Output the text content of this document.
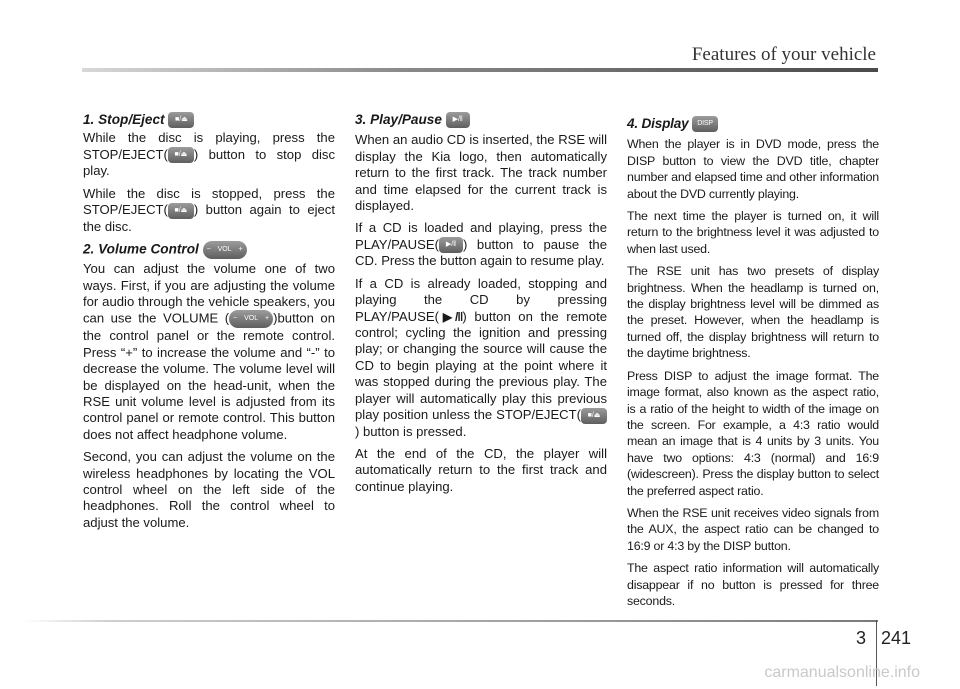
Features of your vehicle
1. Stop/Eject ■/⏏

While the disc is playing, press the STOP/EJECT( ■/⏏ ) button to stop disc play.

While the disc is stopped, press the STOP/EJECT( ■/⏏ ) button again to eject the disc.

2. Volume Control − VOL +

You can adjust the volume one of two ways. First, if you are adjusting the volume for audio through the vehicle speakers, you can use the VOLUME ( − VOL + )button on the control panel or the remote control. Press “+” to increase the volume and “-” to decrease the volume. The volume level will be displayed on the head-unit, when the RSE unit volume level is adjusted from its control panel or remote control. This button does not affect headphone volume.

Second, you can adjust the volume on the wireless headphones by locating the VOL control wheel on the left side of the headphones. Roll the control wheel to adjust the volume.

3. Play/Pause ▶/ǁ

When an audio CD is inserted, the RSE will display the Kia logo, then automatically return to the first track. The track number and time elapsed for the current track is displayed.

If a CD is loaded and playing, press the PLAY/PAUSE( ▶/ǁ ) button to pause the CD. Press the button again to resume play.

If a CD is already loaded, stopping and playing the CD by pressing PLAY/PAUSE(▶/‖) button on the remote control; cycling the ignition and pressing play; or changing the source will cause the CD to begin playing at the point where it was stopped during the previous play. The player will automatically play this previous play position unless the STOP/EJECT( ■/⏏) button is pressed.

At the end of the CD, the player will automatically return to the first track and continue playing.

4. Display DISP

When the player is in DVD mode, press the DISP button to view the DVD title, chapter number and elapsed time and other information about the DVD currently playing.

The next time the player is turned on, it will return to the brightness level it was adjusted to when last used.

The RSE unit has two presets of display brightness. When the headlamp is turned on, the display brightness level will be dimmed as the preset. However, when the headlamp is turned off, the display brightness will return to the daytime brightness.

Press DISP to adjust the image format. The image format, also known as the aspect ratio, is a ratio of the height to width of the image on the screen. For example, a 4:3 ratio would mean an image that is 4 units by 3 units. You have two options: 4:3 (normal) and 16:9 (widescreen). Press the display button to select the preferred aspect ratio.

When the RSE unit receives video signals from the AUX, the aspect ratio can be changed to 16:9 or 4:3 by the DISP button.

The aspect ratio information will automatically disappear if no button is pressed for three seconds.

3 241
carmanualsonline.info
